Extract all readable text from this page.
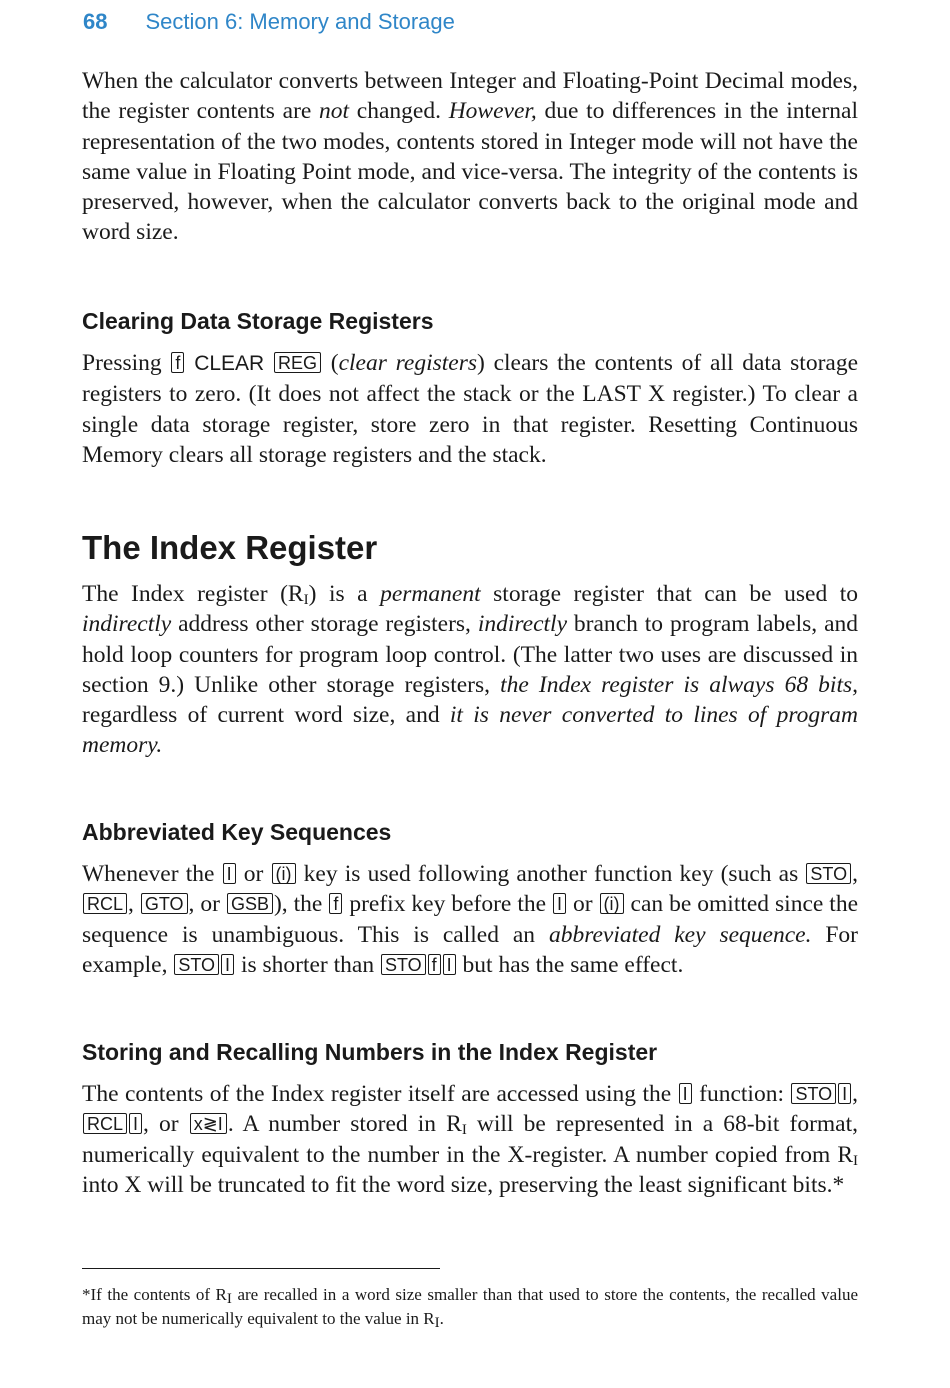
68 Section 6: Memory and Storage

When the calculator converts between Integer and Floating-Point Decimal modes, the register contents are not changed. However, due to differences in the internal representation of the two modes, contents stored in Integer mode will not have the same value in Floating Point mode, and vice-versa. The integrity of the contents is preserved, however, when the calculator converts back to the original mode and word size.

Clearing Data Storage Registers

Pressing f CLEAR REG (clear registers) clears the contents of all data storage registers to zero. (It does not affect the stack or the LAST X register.) To clear a single data storage register, store zero in that register. Resetting Continuous Memory clears all storage registers and the stack.

The Index Register

The Index register $(R_I)$ is a permanent storage register that can be used to indirectly address other storage registers, indirectly branch to program labels, and hold loop counters for program loop control. (The latter two uses are discussed in section 9.) Unlike other storage registers, the Index register is always 68 bits, regardless of current word size, and it is never converted to lines of program memory.

Abbreviated Key Sequences

Whenever the I or (i) key is used following another function key (such as STO , RCL , GTO , or GSB ), the f prefix key before the I or (i) can be omitted since the sequence is unambiguous. This is called an abbreviated key sequence. For example, STO I is shorter than STO f I but has the same effect.

Storing and Recalling Numbers in the Index Register

The contents of the Index register itself are accessed using the I function: STO I , RCL I , or x≷I . A number stored in $R_I$ will be represented in a 68-bit format, numerically equivalent to the number in the X-register. A number copied from $R_I$ into X will be truncated to fit the word size, preserving the least significant bits.*

*If the contents of $R_I$ are recalled in a word size smaller than that used to store the contents, the recalled value may not be numerically equivalent to the value in $R_I$.
